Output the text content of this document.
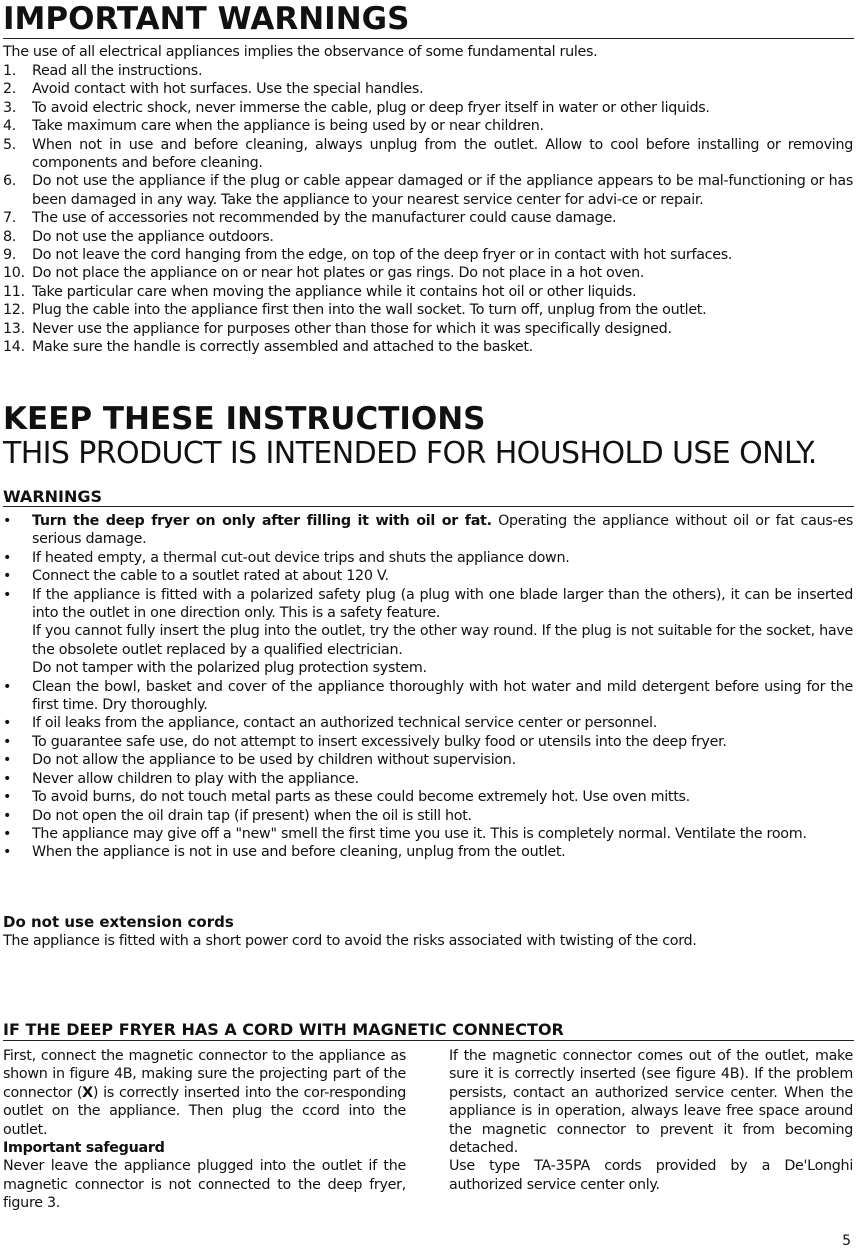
IMPORTANT WARNINGS

The use of all electrical appliances implies the observance of some fundamental rules.

1. Read all the instructions.
2. Avoid contact with hot surfaces. Use the special handles.
3. To avoid electric shock, never immerse the cable, plug or deep fryer itself in water or other liquids.
4. Take maximum care when the appliance is being used by or near children.
5. When not in use and before cleaning, always unplug from the outlet. Allow to cool before installing or removing components and before cleaning.
6. Do not use the appliance if the plug or cable appear damaged or if the appliance appears to be mal-functioning or has been damaged in any way. Take the appliance to your nearest service center for advi-ce or repair.
7. The use of accessories not recommended by the manufacturer could cause damage.
8. Do not use the appliance outdoors.
9. Do not leave the cord hanging from the edge, on top of the deep fryer or in contact with hot surfaces.
10. Do not place the appliance on or near hot plates or gas rings. Do not place in a hot oven.
11. Take particular care when moving the appliance while it contains hot oil or other liquids.
12. Plug the cable into the appliance first then into the wall socket. To turn off, unplug from the outlet.
13. Never use the appliance for purposes other than those for which it was specifically designed.
14. Make sure the handle is correctly assembled and attached to the basket.
KEEP THESE INSTRUCTIONS
THIS PRODUCT IS INTENDED FOR HOUSHOLD USE ONLY.
WARNINGS
• Turn the deep fryer on only after filling it with oil or fat. Operating the appliance without oil or fat caus-es serious damage.
• If heated empty, a thermal cut-out device trips and shuts the appliance down.
• Connect the cable to a soutlet rated at about 120 V.
• If the appliance is fitted with a polarized safety plug (a plug with one blade larger than the others), it can be inserted into the outlet in one direction only. This is a safety feature.
If you cannot fully insert the plug into the outlet, try the other way round. If the plug is not suitable for the socket, have the obsolete outlet replaced by a qualified electrician.
Do not tamper with the polarized plug protection system.
• Clean the bowl, basket and cover of the appliance thoroughly with hot water and mild detergent before using for the first time. Dry thoroughly.
• If oil leaks from the appliance, contact an authorized technical service center or personnel.
• To guarantee safe use, do not attempt to insert excessively bulky food or utensils into the deep fryer.
• Do not allow the appliance to be used by children without supervision.
• Never allow children to play with the appliance.
• To avoid burns, do not touch metal parts as these could become extremely hot. Use oven mitts.
• Do not open the oil drain tap (if present) when the oil is still hot.
• The appliance may give off a "new" smell the first time you use it. This is completely normal. Ventilate the room.
• When the appliance is not in use and before cleaning, unplug from the outlet.
Do not use extension cords

The appliance is fitted with a short power cord to avoid the risks associated with twisting of the cord.

IF THE DEEP FRYER HAS A CORD WITH MAGNETIC CONNECTOR
First, connect the magnetic connector to the appliance as shown in figure 4B, making sure the projecting part of the connector (X) is correctly inserted into the cor-responding outlet on the appliance. Then plug the ccord into the outlet.
Important safeguard
Never leave the appliance plugged into the outlet if the magnetic connector is not connected to the deep fryer, figure 3.
If the magnetic connector comes out of the outlet, make sure it is correctly inserted (see figure 4B). If the problem persists, contact an authorized service center. When the appliance is in operation, always leave free space around the magnetic connector to prevent it from becoming detached.
Use type TA-35PA cords provided by a De'Longhi authorized service center only.
5
